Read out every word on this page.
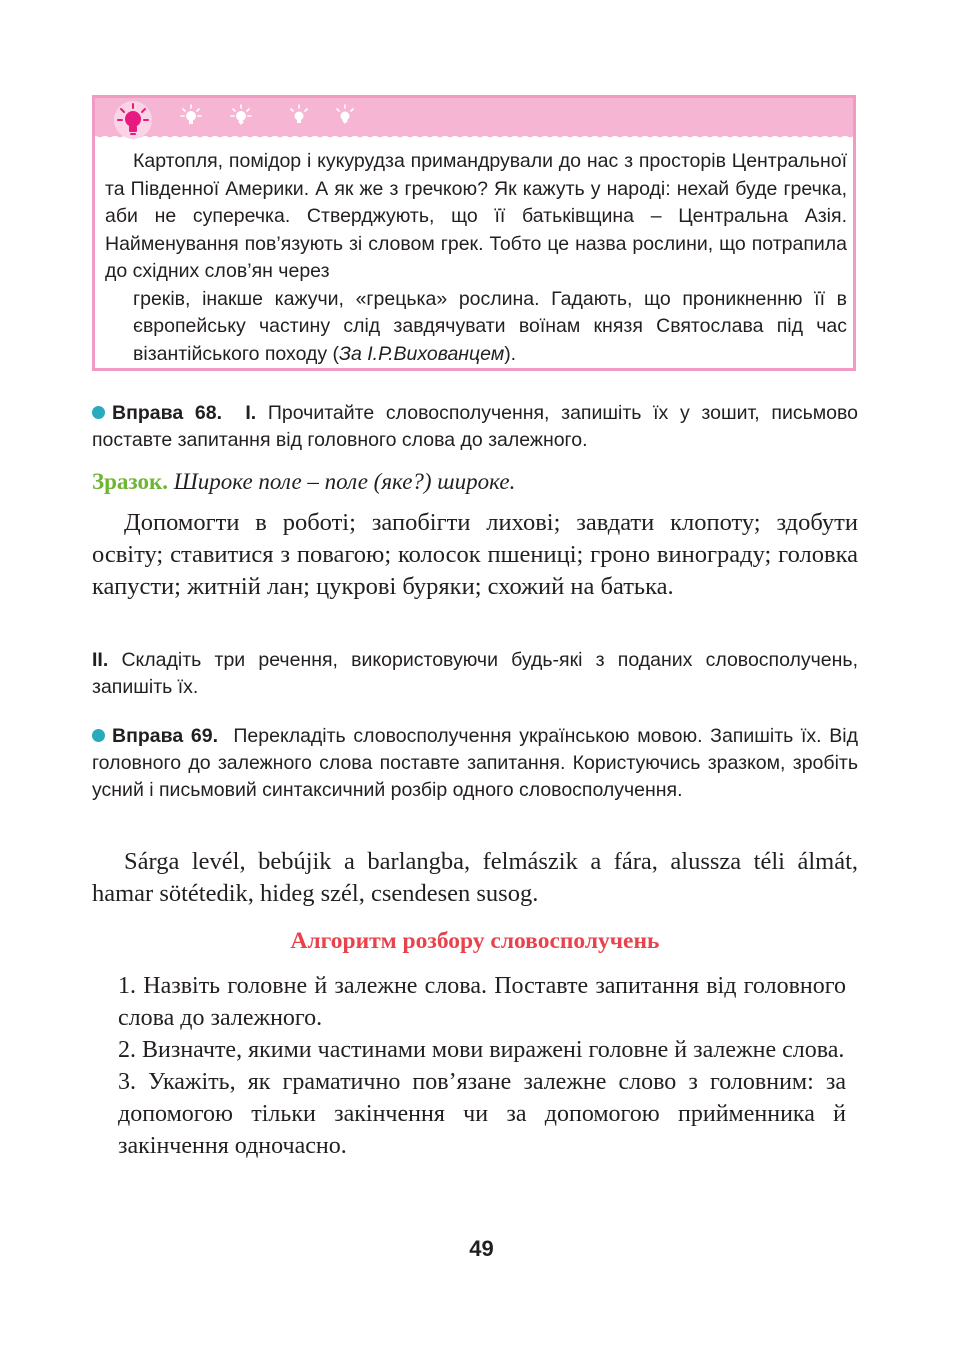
Картопля, помідор і кукурудза примандрували до нас з просторів Центральної та Південної Америки. А як же з гречкою? Як кажуть у народі: нехай буде гречка, аби не суперечка. Стверджують, що її батьківщина – Центральна Азія. Найменування пов’язують зі словом грек. Тобто це назва рослини, що потрапила до східних слов’ян через

греків, інакше кажучи, «грецька» рослина. Гадають, що проникненню її в європейську частину слід завдячувати воїнам князя Святослава під час візантійського походу (За І.Р.Вихованцем).

Вправа 68. I. Прочитайте словосполучення, запишіть їх у зошит, письмово поставте запитання від головного слова до залежного.

Зразок. Широке поле – поле (яке?) широке.

Допомогти в роботі; запобігти лиховi; завдати клопоту; здобути освіту; ставитися з повагою; колосок пшениці; гроно винограду; головка капусти; житній лан; цукрові буряки; схожий на батька.

II. Складіть три речення, використовуючи будь-які з поданих словосполучень, запишіть їх.

Вправа 69. Перекладіть словосполучення українською мовою. Запишіть їх. Від головного до залежного слова поставте запитання. Користуючись зразком, зробіть усний і письмовий синтаксичний розбір одного словосполучення.

Sárga levél, bebújik a barlangba, felmászik a fára, alussza téli álmát, hamar sötétedik, hideg szél, csendesen susog.

Алгоритм розбору словосполучень

1. Назвіть головне й залежне слова. Поставте запитання від головного слова до залежного.

2. Визначте, якими частинами мови виражені головне й залежне слова.

3. Укажіть, як граматично пов’язане залежне слово з головним: за допомогою тільки закінчення чи за допомогою прийменника й закінчення одночасно.

49
